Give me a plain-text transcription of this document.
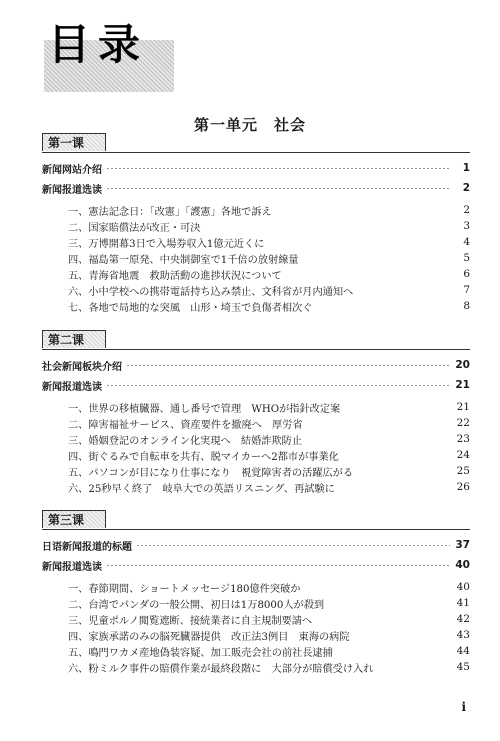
目录
第一单元　社会
第一课
新闻网站介绍	1
新闻报道选读	2
一、憲法記念日：「改憲」「護憲」各地で訴え	2
二、国家賠償法が改正・可決	3
三、万博開幕3日で入場券収入1億元近くに	4
四、福島第一原発、中央制御室で1千倍の放射線量	5
五、青海省地震　救助活動の進捗状況について	6
六、小中学校への携帯電話持ち込み禁止、文科省が月内通知へ	7
七、各地で局地的な突風　山形・埼玉で負傷者相次ぐ	8
第二课
社会新闻板块介绍	20
新闻报道选读	21
一、世界の移植臓器、通し番号で管理　WHOが指針改定案	21
二、障害福祉サービス、資産要件を撤廃へ　厚労省	22
三、婚姻登記のオンライン化実現へ　結婚詐欺防止	23
四、街ぐるみで自転車を共有、脱マイカーへ2都市が事業化	24
五、パソコンが目になり仕事になり　視覚障害者の活躍広がる	25
六、25秒早く終了　岐阜大での英語リスニング、再試験に	26
第三课
日语新闻报道的标题	37
新闻报道选读	40
一、春節期間、ショートメッセージ180億件突破か	40
二、台湾でパンダの一般公開、初日は1万8000人が殺到	41
三、児童ポルノ閲覧遮断、接続業者に自主規制要請へ	42
四、家族承諾のみの脳死臓器提供　改正法3例目　東海の病院	43
五、鳴門ワカメ産地偽装容疑、加工販売会社の前社長逮捕	44
六、粉ミルク事件の賠償作業が最終段階に　大部分が賠償受け入れ	45
i
